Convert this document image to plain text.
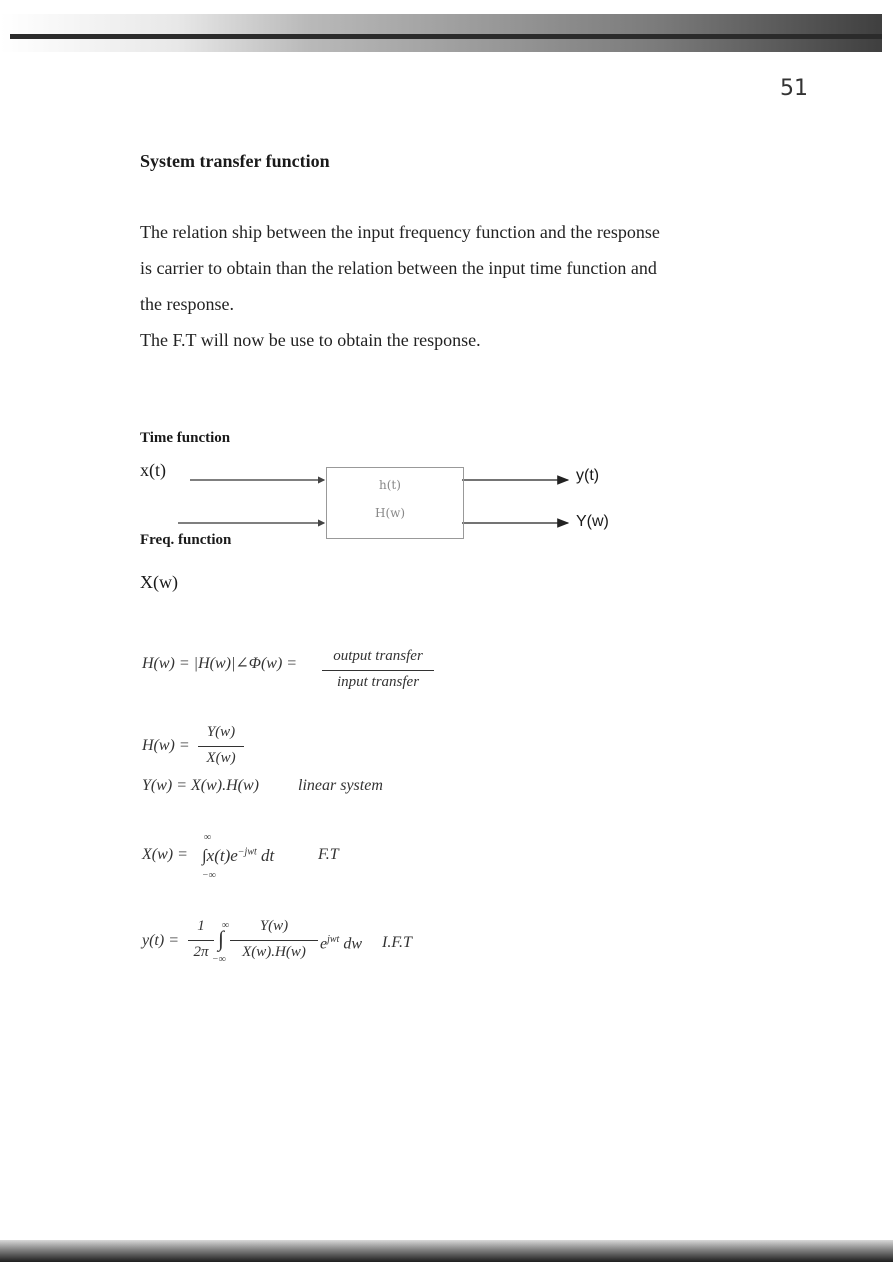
51
System transfer function
The relation ship between the input frequency function and the response
is carrier to obtain than the relation between the input time function and
the response.
The F.T will now be use to obtain the response.
Time function
x(t)
Freq. function
X(w)
h(t)
H(w)
y(t)
Y(w)
H(w) = |H(w)|∠Φ(w) =	output transfer
input transfer
H(w) =
Y(w)
X(w)
Y(w) = X(w).H(w) linear system
∞
$X(w) = \int x(t)e^{-jwt}$ dt
−∞
F.T
y(t) =
1
2π
∞
∫
−∞
Y(w)
X(w).H(w) $e^{jwt}$ dw I.F.T
